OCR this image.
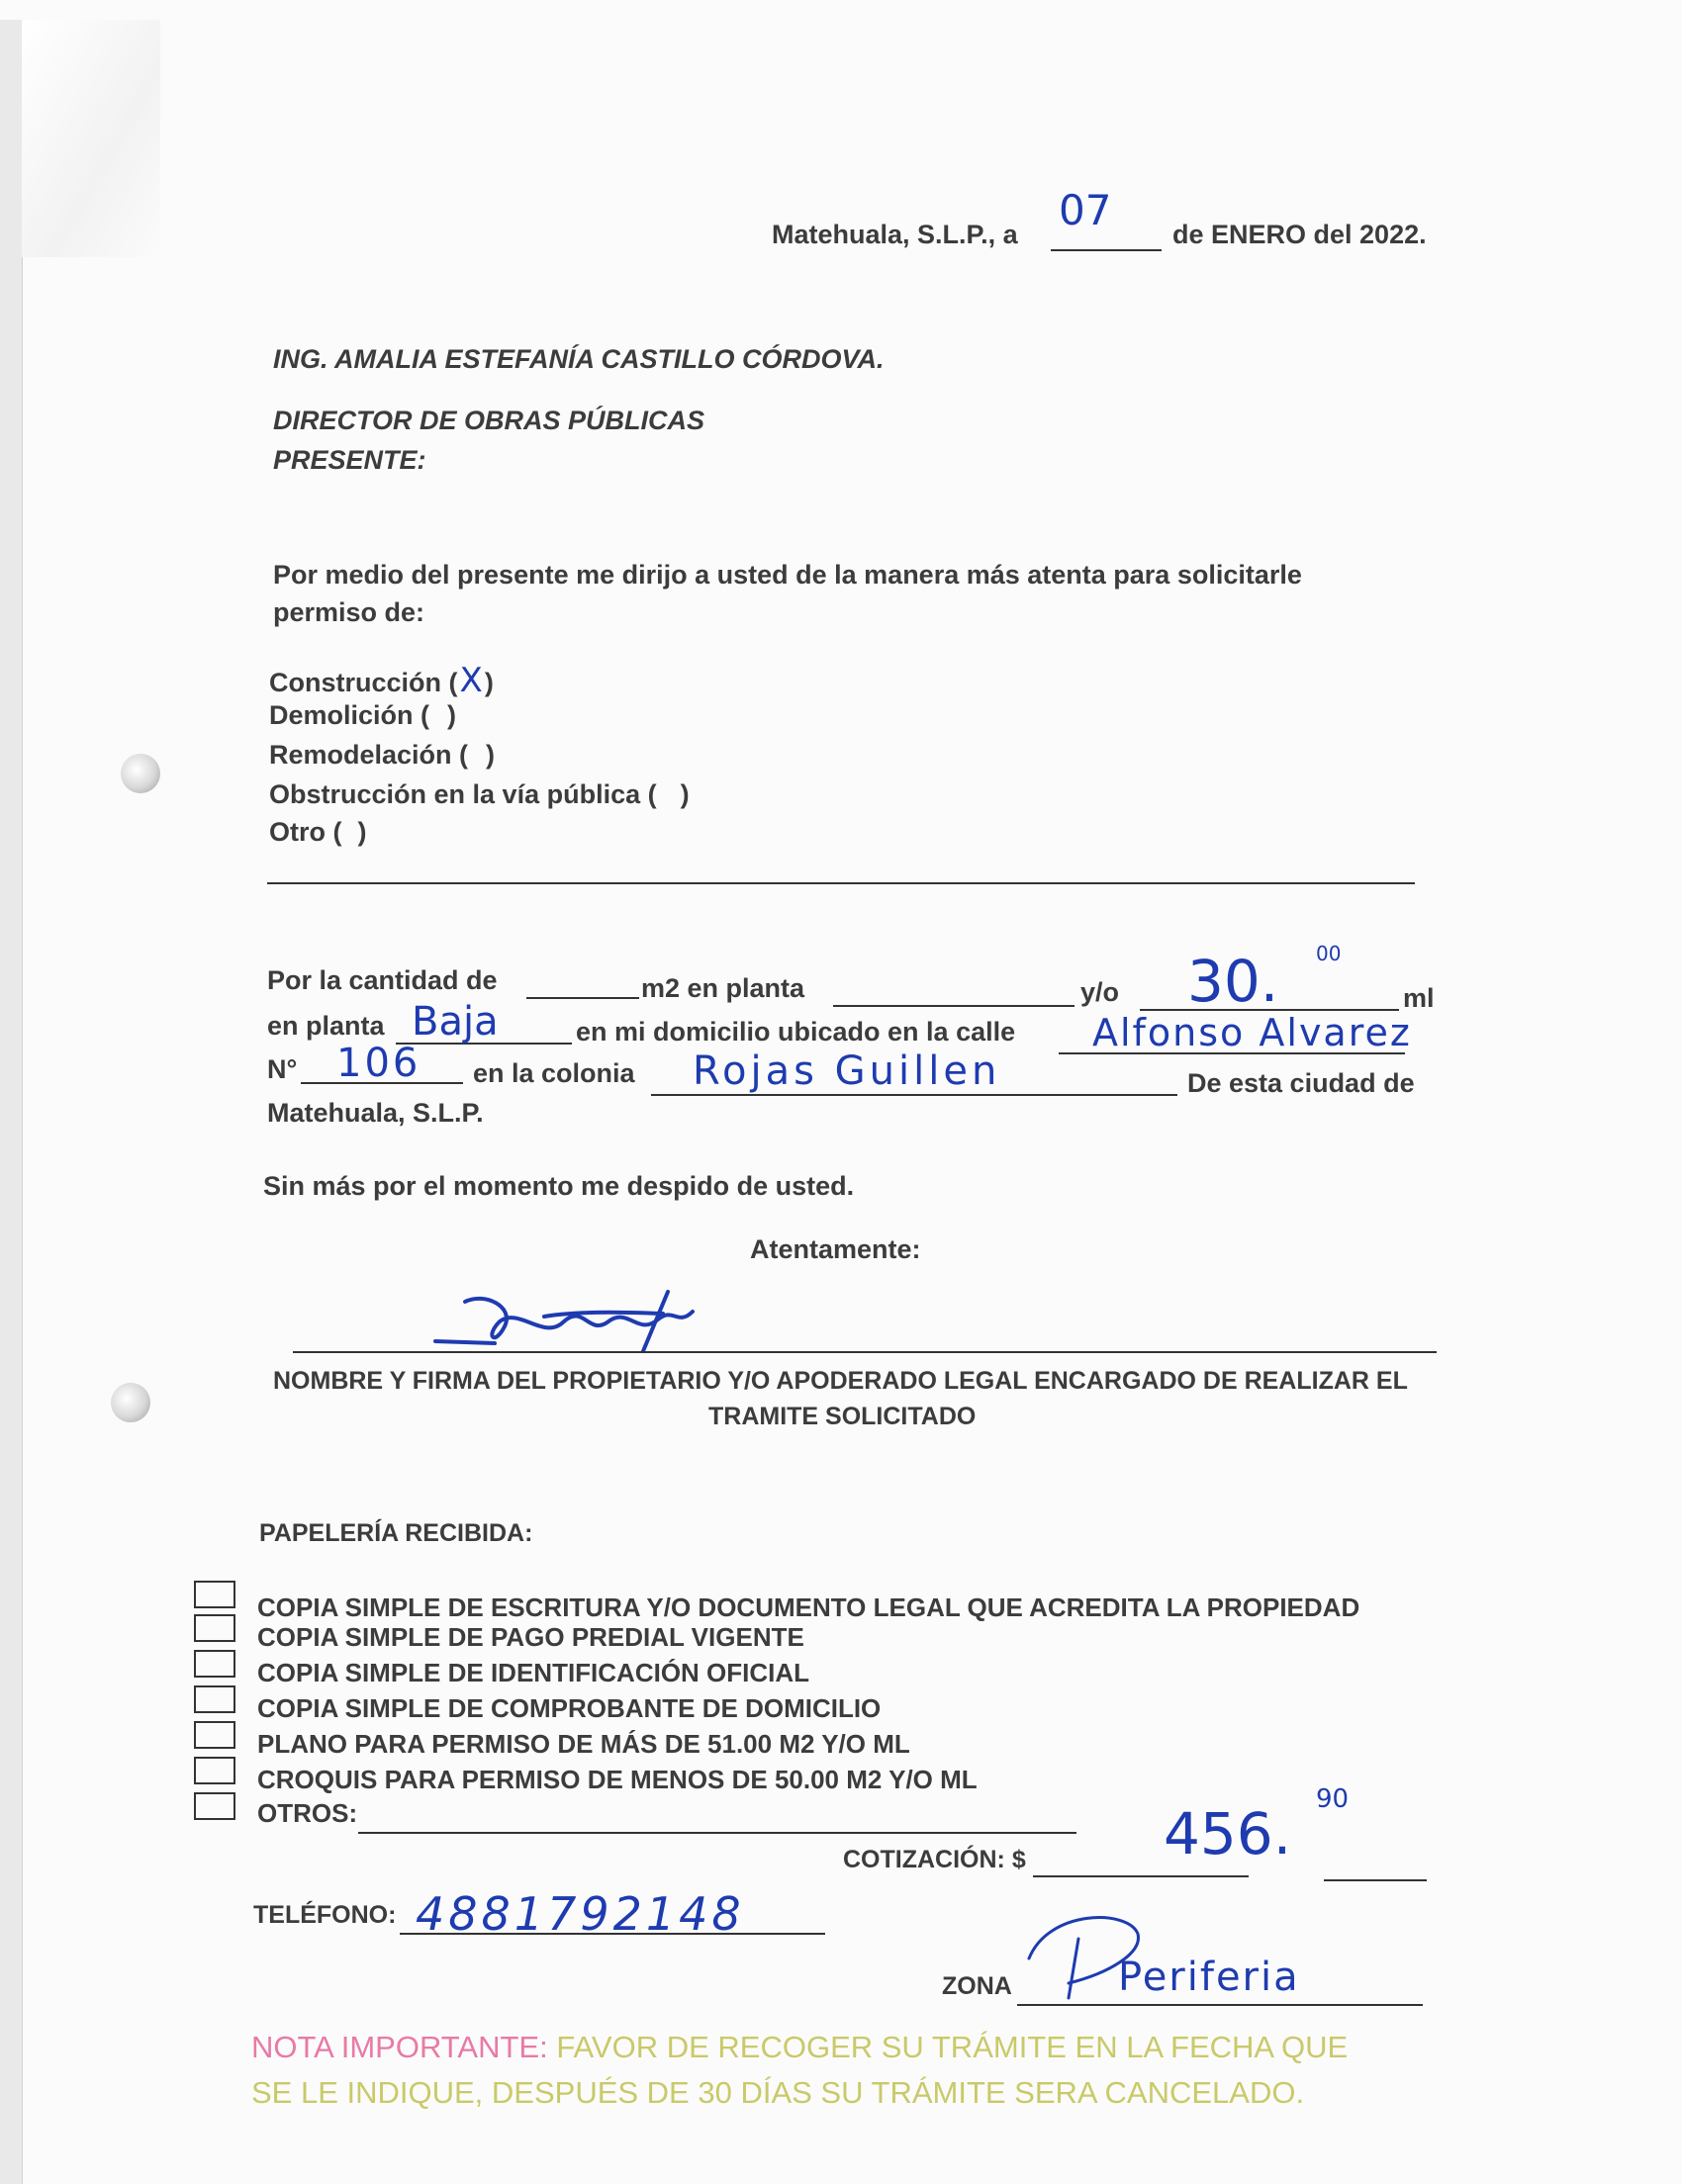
Matehuala, S.L.P., a 07 de ENERO del 2022.
ING. AMALIA ESTEFANÍA CASTILLO CÓRDOVA.
DIRECTOR DE OBRAS PÚBLICAS
PRESENTE:
Por medio del presente me dirijo a usted de la manera más atenta para solicitarle
permiso de:
Construcción (X)
Demolición ( )
Remodelación ( )
Obstrucción en la vía pública ( )
Otro ( )
Por la cantidad de	m2 en planta	y/o 30. 00
ml
en planta Baja	en mi domicilio ubicado en la calle Alfonso Alvarez
N° 106 en la colonia Rojas Guillen	De esta ciudad de
Matehuala, S.L.P.
Sin más por el momento me despido de usted.
Atentamente:
NOMBRE Y FIRMA DEL PROPIETARIO Y/O APODERADO LEGAL ENCARGADO DE REALIZAR EL
TRAMITE SOLICITADO
PAPELERÍA RECIBIDA:
COPIA SIMPLE DE ESCRITURA Y/O DOCUMENTO LEGAL QUE ACREDITA LA PROPIEDAD
COPIA SIMPLE DE PAGO PREDIAL VIGENTE
COPIA SIMPLE DE IDENTIFICACIÓN OFICIAL
COPIA SIMPLE DE COMPROBANTE DE DOMICILIO
PLANO PARA PERMISO DE MÁS DE 51.00 M2 Y/O ML
CROQUIS PARA PERMISO DE MENOS DE 50.00 M2 Y/O ML
OTROS:
COTIZACIÓN: $ 456.
90
TELÉFONO: 4881792148
ZONA	Periferia
NOTA IMPORTANTE: FAVOR DE RECOGER SU TRÁMITE EN LA FECHA QUE
SE LE INDIQUE, DESPUÉS DE 30 DÍAS SU TRÁMITE SERA CANCELADO.
